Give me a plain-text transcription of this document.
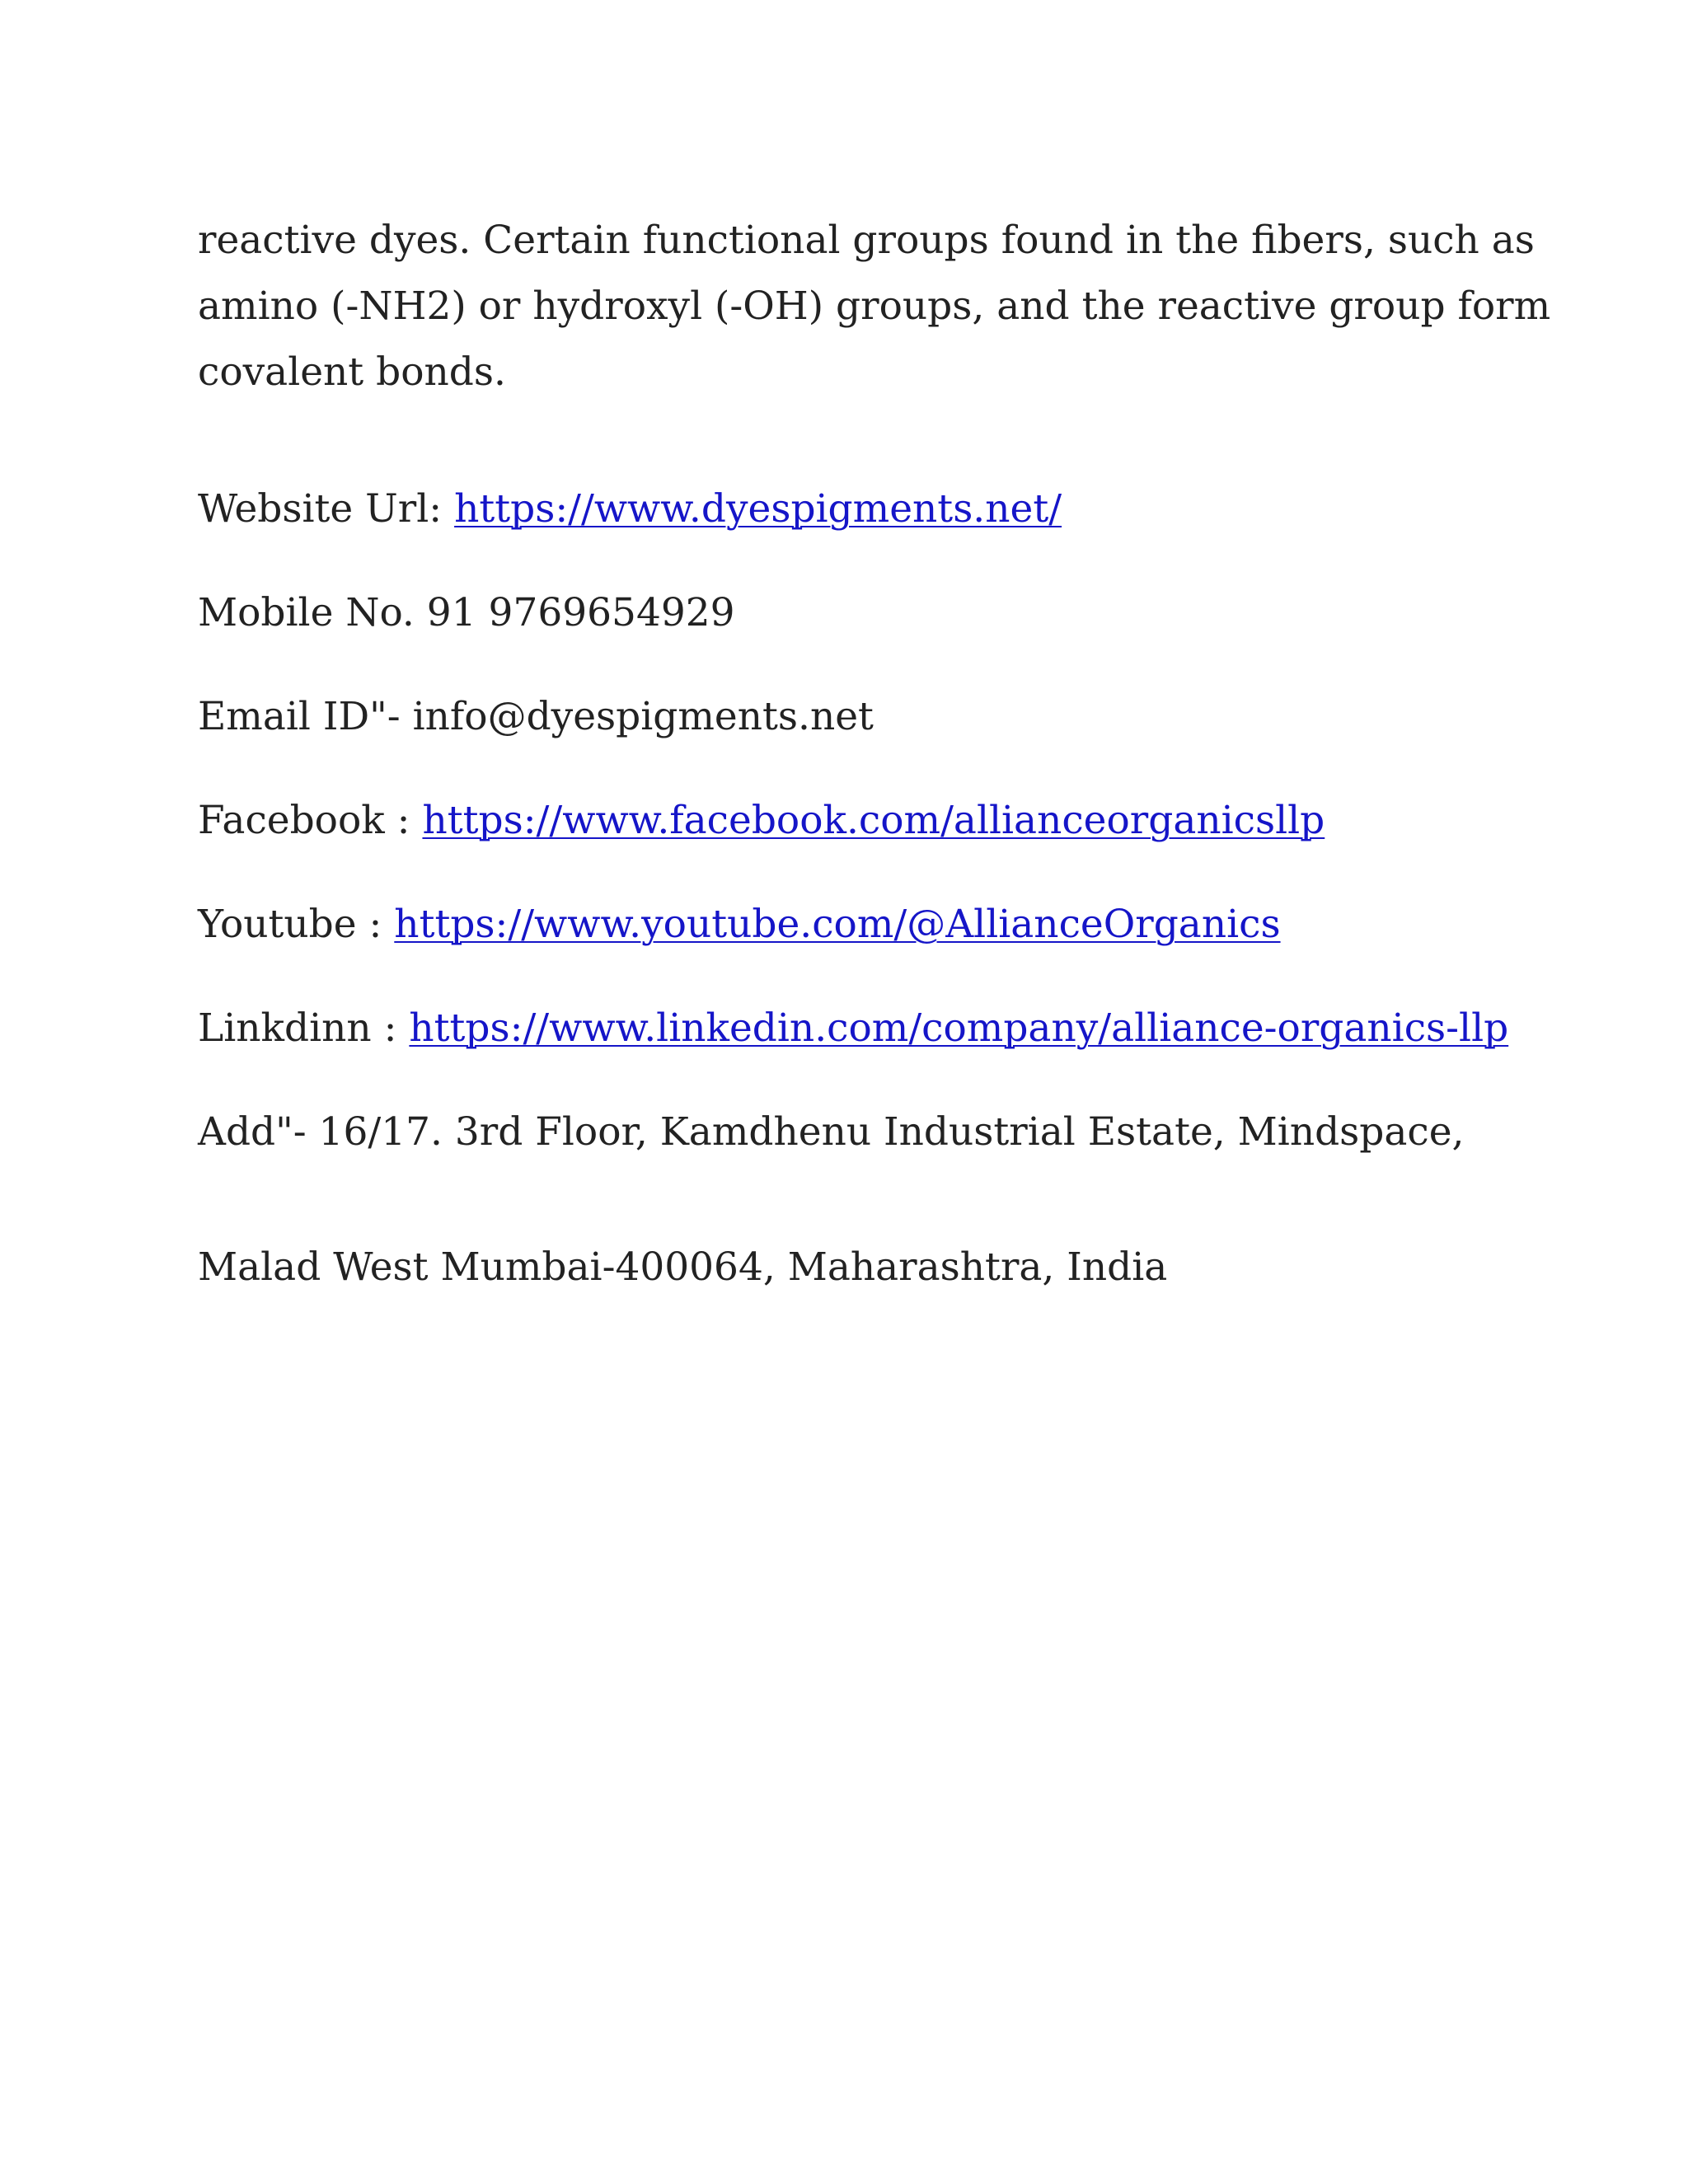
reactive dyes. Certain functional groups found in the fibers, such as
amino (-NH2) or hydroxyl (-OH) groups, and the reactive group form
covalent bonds.
Website Url: https://www.dyespigments.net/
Mobile No. 91 9769654929
Email ID"- info@dyespigments.net
Facebook : https://www.facebook.com/allianceorganicsllp
Youtube : https://www.youtube.com/@AllianceOrganics
Linkdinn : https://www.linkedin.com/company/alliance-organics-llp
Add"- 16/17. 3rd Floor, Kamdhenu Industrial Estate, Mindspace,
Malad West Mumbai-400064, Maharashtra, India
